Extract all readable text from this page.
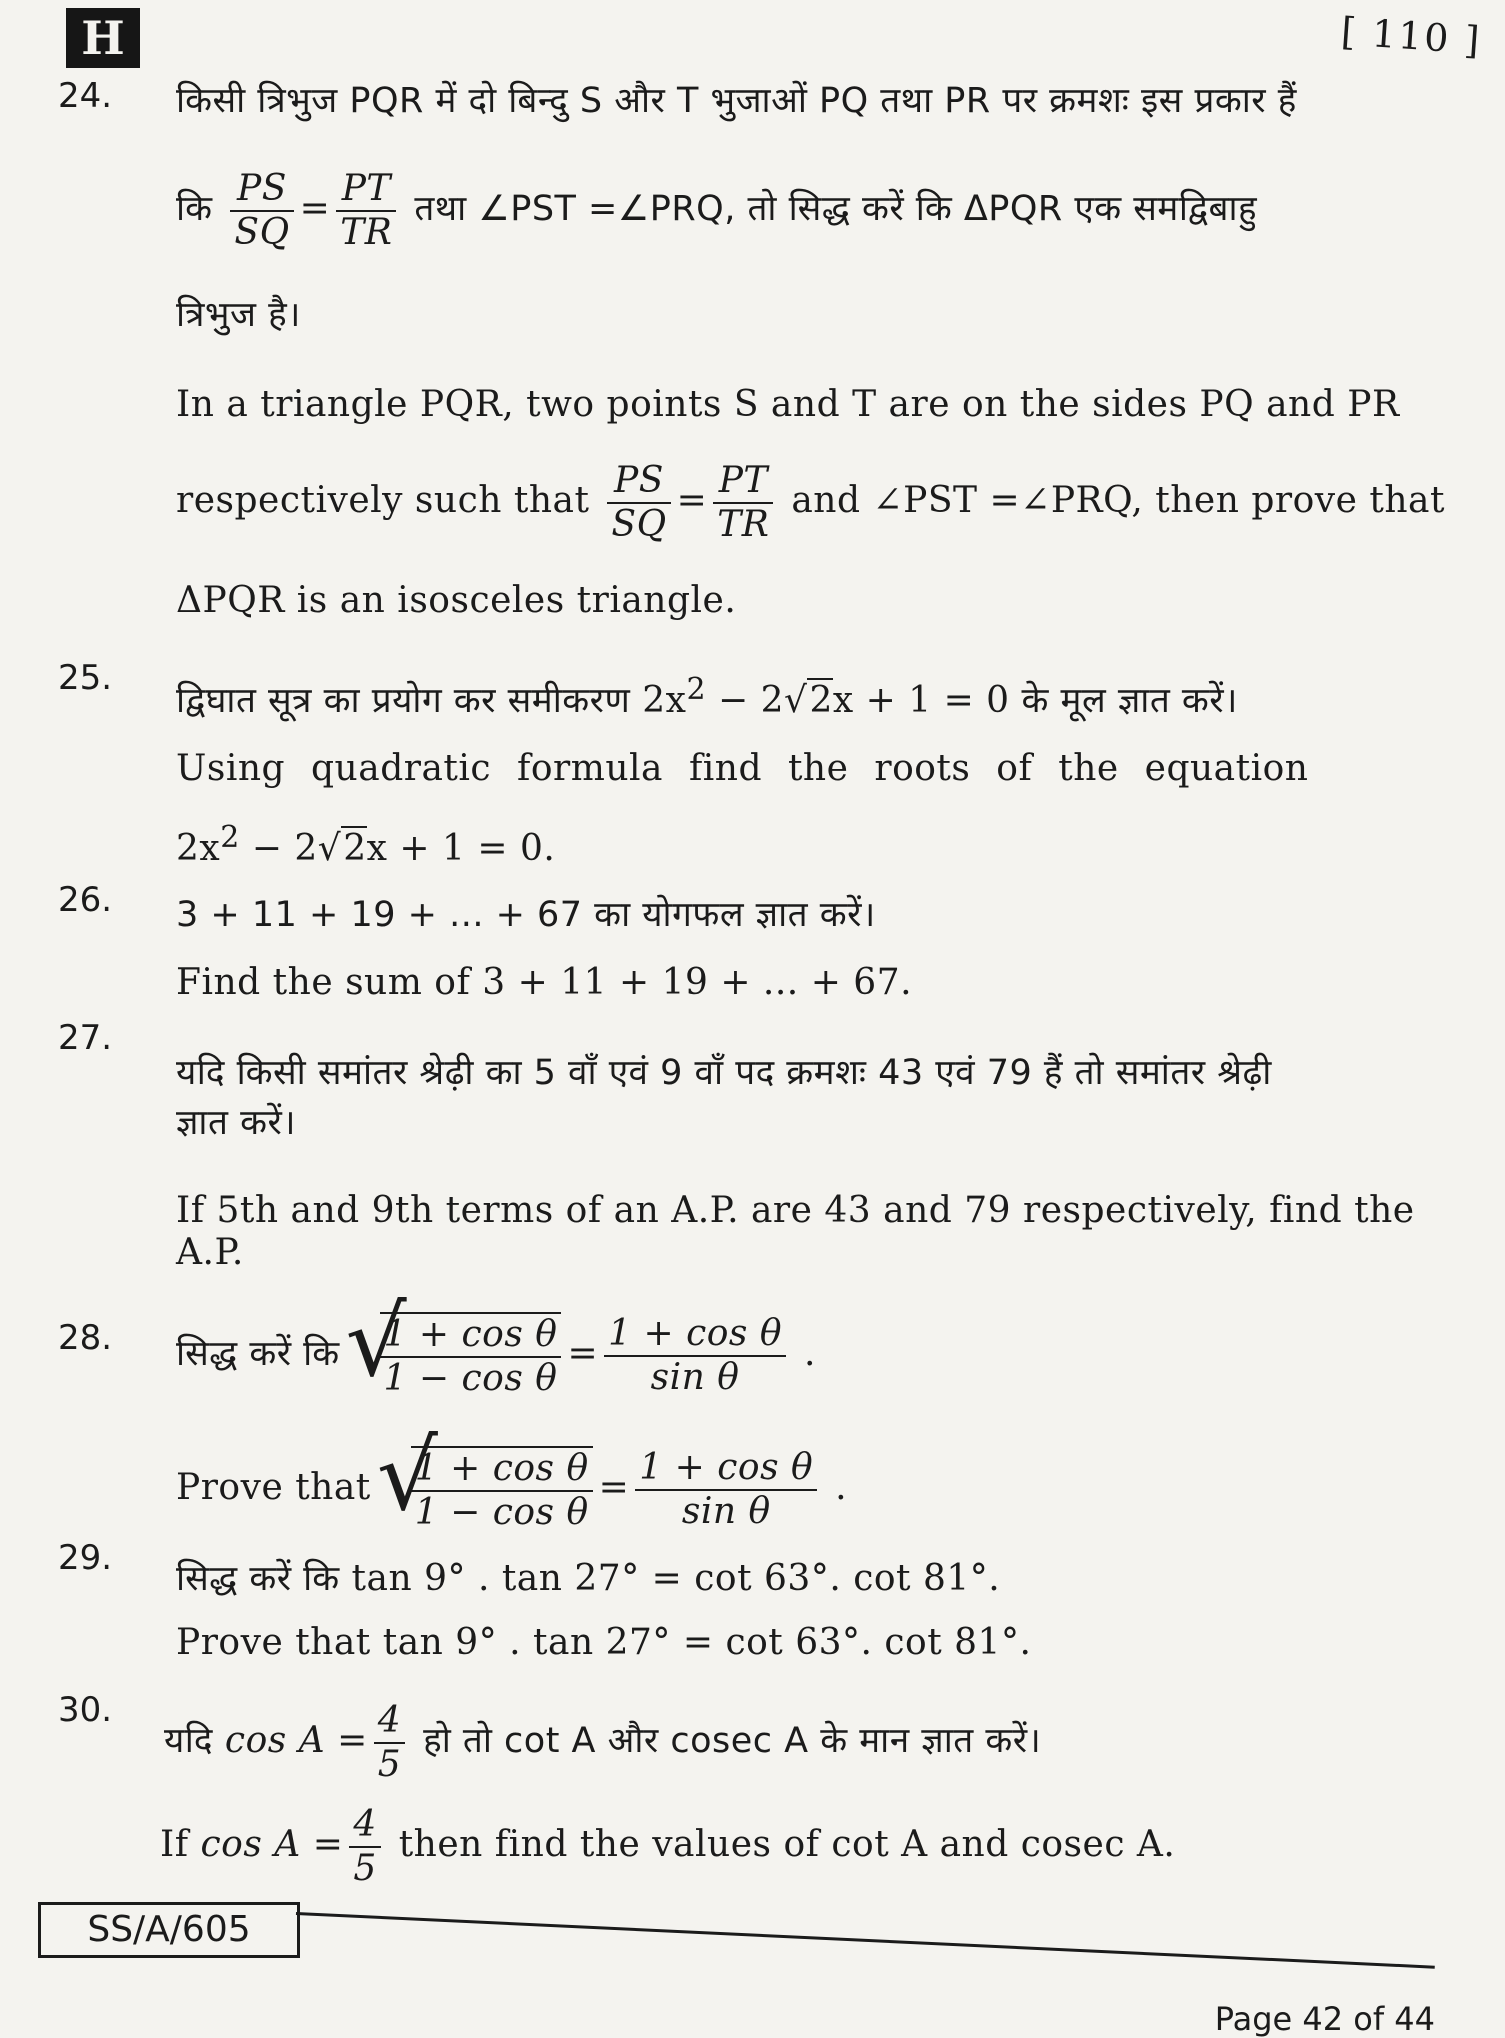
H	[ 110 ]
24. किसी त्रिभुज PQR में दो बिन्दु S और T भुजाओं PQ तथा PR पर क्रमशः इस प्रकार हैं
कि $\frac{PS}{SQ} = \frac{PT}{TR}$ तथा ∠PST =∠PRQ, तो सिद्ध करें कि ΔPQR एक समद्विबाहु
त्रिभुज है।
In a triangle PQR, two points S and T are on the sides PQ and PR
respectively such that $\frac{PS}{SQ} = \frac{PT}{TR}$ and ∠PST =∠PRQ, then prove that
ΔPQR is an isosceles triangle.
25.
द्विघात सूत्र का प्रयोग कर समीकरण $2x^2 - 2√2x + 1 = 0$ के मूल ज्ञात करें।
Using quadratic formula find the roots of the equation
$2x^2 - 2√2x + 1 = 0$.
26. 3 + 11 + 19 + ... + 67 का योगफल ज्ञात करें।
Find the sum of 3 + 11 + 19 + ... + 67.
27.
यदि किसी समांतर श्रेढ़ी का 5 वाँ एवं 9 वाँ पद क्रमशः 43 एवं 79 हैं तो समांतर श्रेढ़ी
ज्ञात करें।
If 5th and 9th terms of an A.P. are 43 and 79 respectively, find the
A.P.
28. सिद्ध करें कि √ $\frac{\text{1 + cos θ}}{\text{1 − cos θ}} = \frac{\text{1 + cos θ}}{\text{sin θ}}$ .
Prove that √ $\frac{\text{1 + cos θ}}{\text{1 − cos θ}} = \frac{\text{1 + cos θ}}{\text{sin θ}}$ .
29.
सिद्ध करें कि tan 9° . tan 27° = cot 63°. cot 81°.
Prove that tan 9° . tan 27° = cot 63°. cot 81°.
30.
यदि $\cos A = \frac{4}{5}$ हो तो cot A और cosec A के मान ज्ञात करें।
If $\cos A = \frac{4}{5}$ then find the values of cot A and cosec A.
SS/A/605
Page 42 of 44
